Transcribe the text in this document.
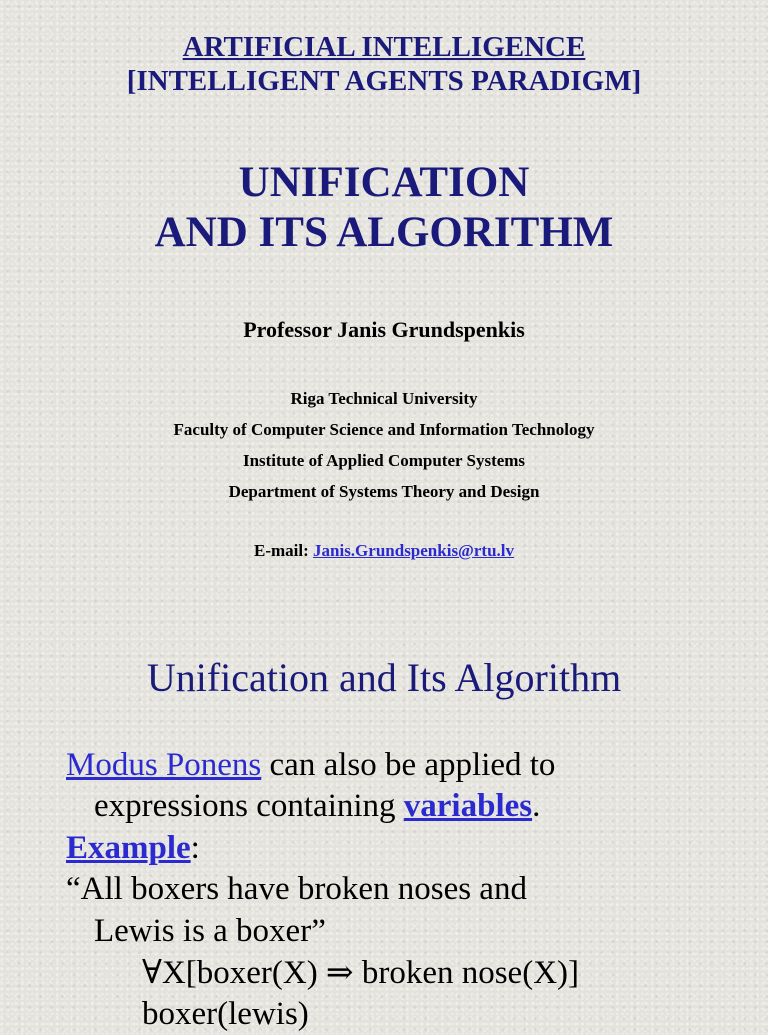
ARTIFICIAL INTELLIGENCE
[INTELLIGENT AGENTS PARADIGM]
UNIFICATION
AND ITS ALGORITHM
Professor Janis Grundspenkis
Riga Technical University
Faculty of Computer Science and Information Technology
Institute of Applied Computer Systems
Department of Systems Theory and Design
E-mail: Janis.Grundspenkis@rtu.lv
Unification and Its Algorithm
Modus Ponens can also be applied to
expressions containing variables.
Example:
“All boxers have broken noses and
Lewis is a boxer”
∀X[boxer(X) ⇒ broken nose(X)]
boxer(lewis)
